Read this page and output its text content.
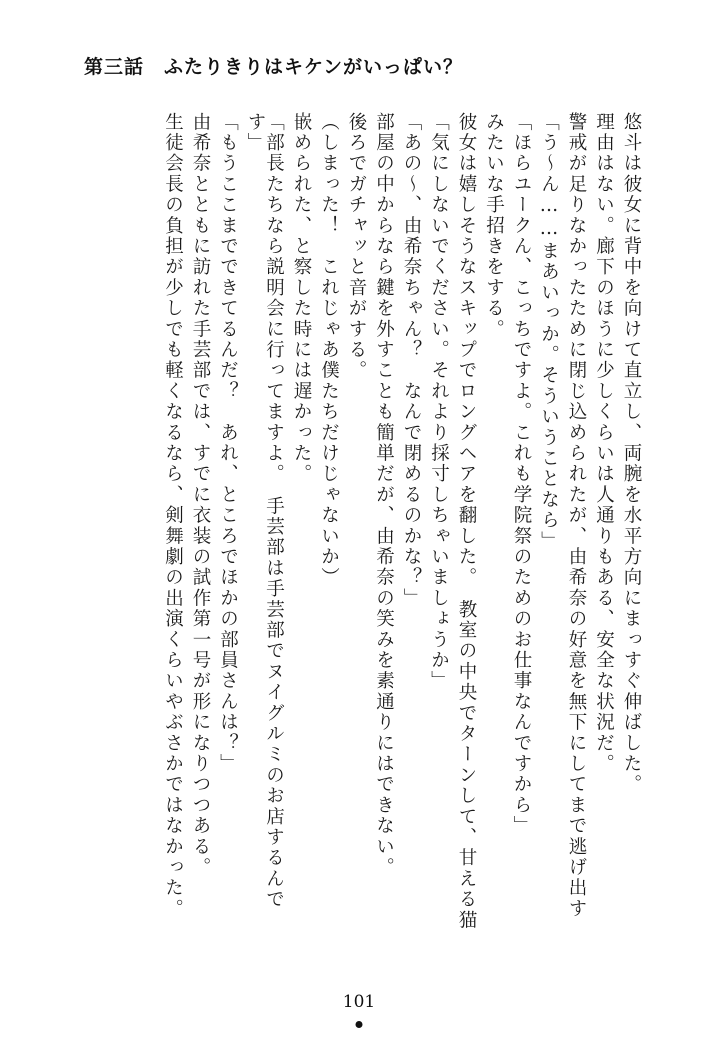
第三話　ふたりきりはキケンがいっぱい？
生徒会長の負担が少しでも軽くなるなら、剣舞劇の出演くらいやぶさかではなかった。 由希奈とともに訪れた手芸部では、すでに衣装の試作第一号が形になりつつある。 「もうここまでできてるんだ？　あれ、ところでほかの部員さんは？」	「部長たちなら説明会に行ってますよ。　手芸部は手芸部でヌイグルミのお店するんです」	嵌められた、と察した時には遅かった。 （しまった！　これじゃあ僕たちだけじゃないか） 後ろでガチャッと音がする。 部屋の中からなら鍵を外すことも簡単だが、由希奈の笑みを素通りにはできない。 「あの～、由希奈ちゃん？　なんで閉めるのかな？」 「気にしないでください。それより採寸しちゃいましょうか」 彼女は嬉しそうなスキップでロングヘアを翻した。　教室の中央でターンして、甘える猫 みたいな手招きをする。 「ほらユークん、こっちですよ。これも学院祭のためのお仕事なんですから」 「う～ん……まあいっか。そういうことなら」 警戒が足りなかったために閉じ込められたが、由希奈の好意を無下にしてまで逃げ出す 理由はない。廊下のほうに少しくらいは人通りもある、安全な状況だ。 悠斗は彼女に背中を向けて直立し、両腕を水平方向にまっすぐ伸ばした。
101
